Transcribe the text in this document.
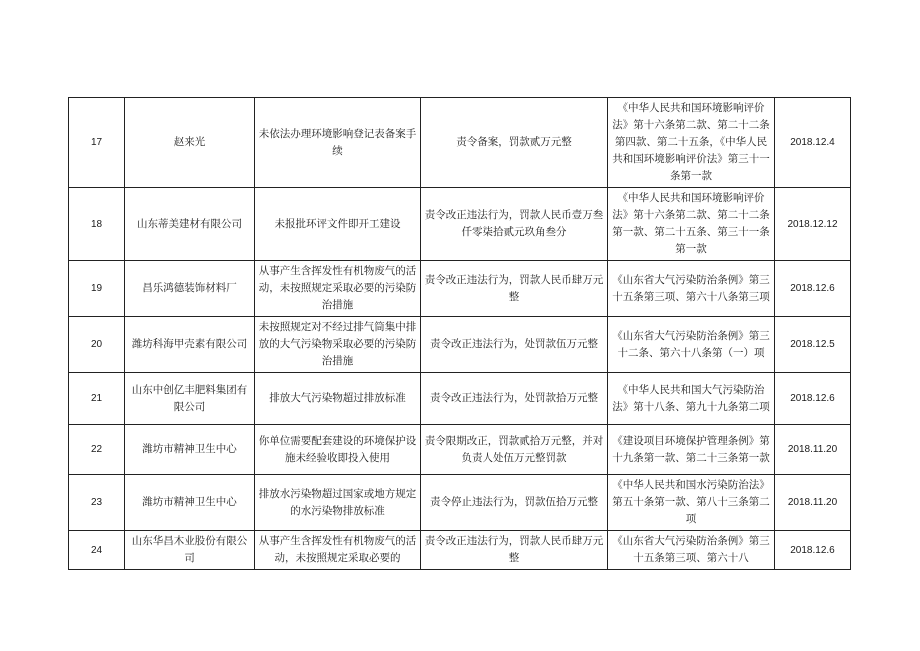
17	赵来光	未依法办理环境影响登记表备案手续	责令备案，罚款贰万元整	《中华人民共和国环境影响评价法》第十六条第二款、第二十二条第四款、第二十五条，《中华人民共和国环境影响评价法》第三十一条第一款	2018.12.4
18	山东蒂美建材有限公司	未报批环评文件即开工建设	责令改正违法行为，罚款人民币壹万叁仟零柒拾贰元玖角叁分	《中华人民共和国环境影响评价法》第十六条第二款、第二十二条第一款、第二十五条、第三十一条第一款	2018.12.12
19	昌乐鸿德装饰材料厂	从事产生含挥发性有机物废气的活动，未按照规定采取必要的污染防治措施	责令改正违法行为，罚款人民币肆万元整	《山东省大气污染防治条例》第三十五条第三项、第六十八条第三项	2018.12.6
20	潍坊科海甲壳素有限公司	未按照规定对不经过排气筒集中排放的大气污染物采取必要的污染防治措施	责令改正违法行为，处罚款伍万元整	《山东省大气污染防治条例》第三十二条、第六十八条第（一）项	2018.12.5
21	山东中创亿丰肥料集团有限公司	排放大气污染物超过排放标准	责令改正违法行为，处罚款拾万元整	《中华人民共和国大气污染防治法》第十八条、第九十九条第二项	2018.12.6
22	潍坊市精神卫生中心	你单位需要配套建设的环境保护设施未经验收即投入使用	责令限期改正，罚款贰拾万元整，并对负责人处伍万元整罚款	《建设项目环境保护管理条例》第十九条第一款、第二十三条第一款	2018.11.20
23	潍坊市精神卫生中心	排放水污染物超过国家或地方规定的水污染物排放标准	责令停止违法行为，罚款伍拾万元整	《中华人民共和国水污染防治法》第五十条第一款、第八十三条第二项	2018.11.20
24	山东华昌木业股份有限公司	从事产生含挥发性有机物废气的活动，未按照规定采取必要的	责令改正违法行为，罚款人民币肆万元整	《山东省大气污染防治条例》第三十五条第三项、第六十八	2018.12.6
